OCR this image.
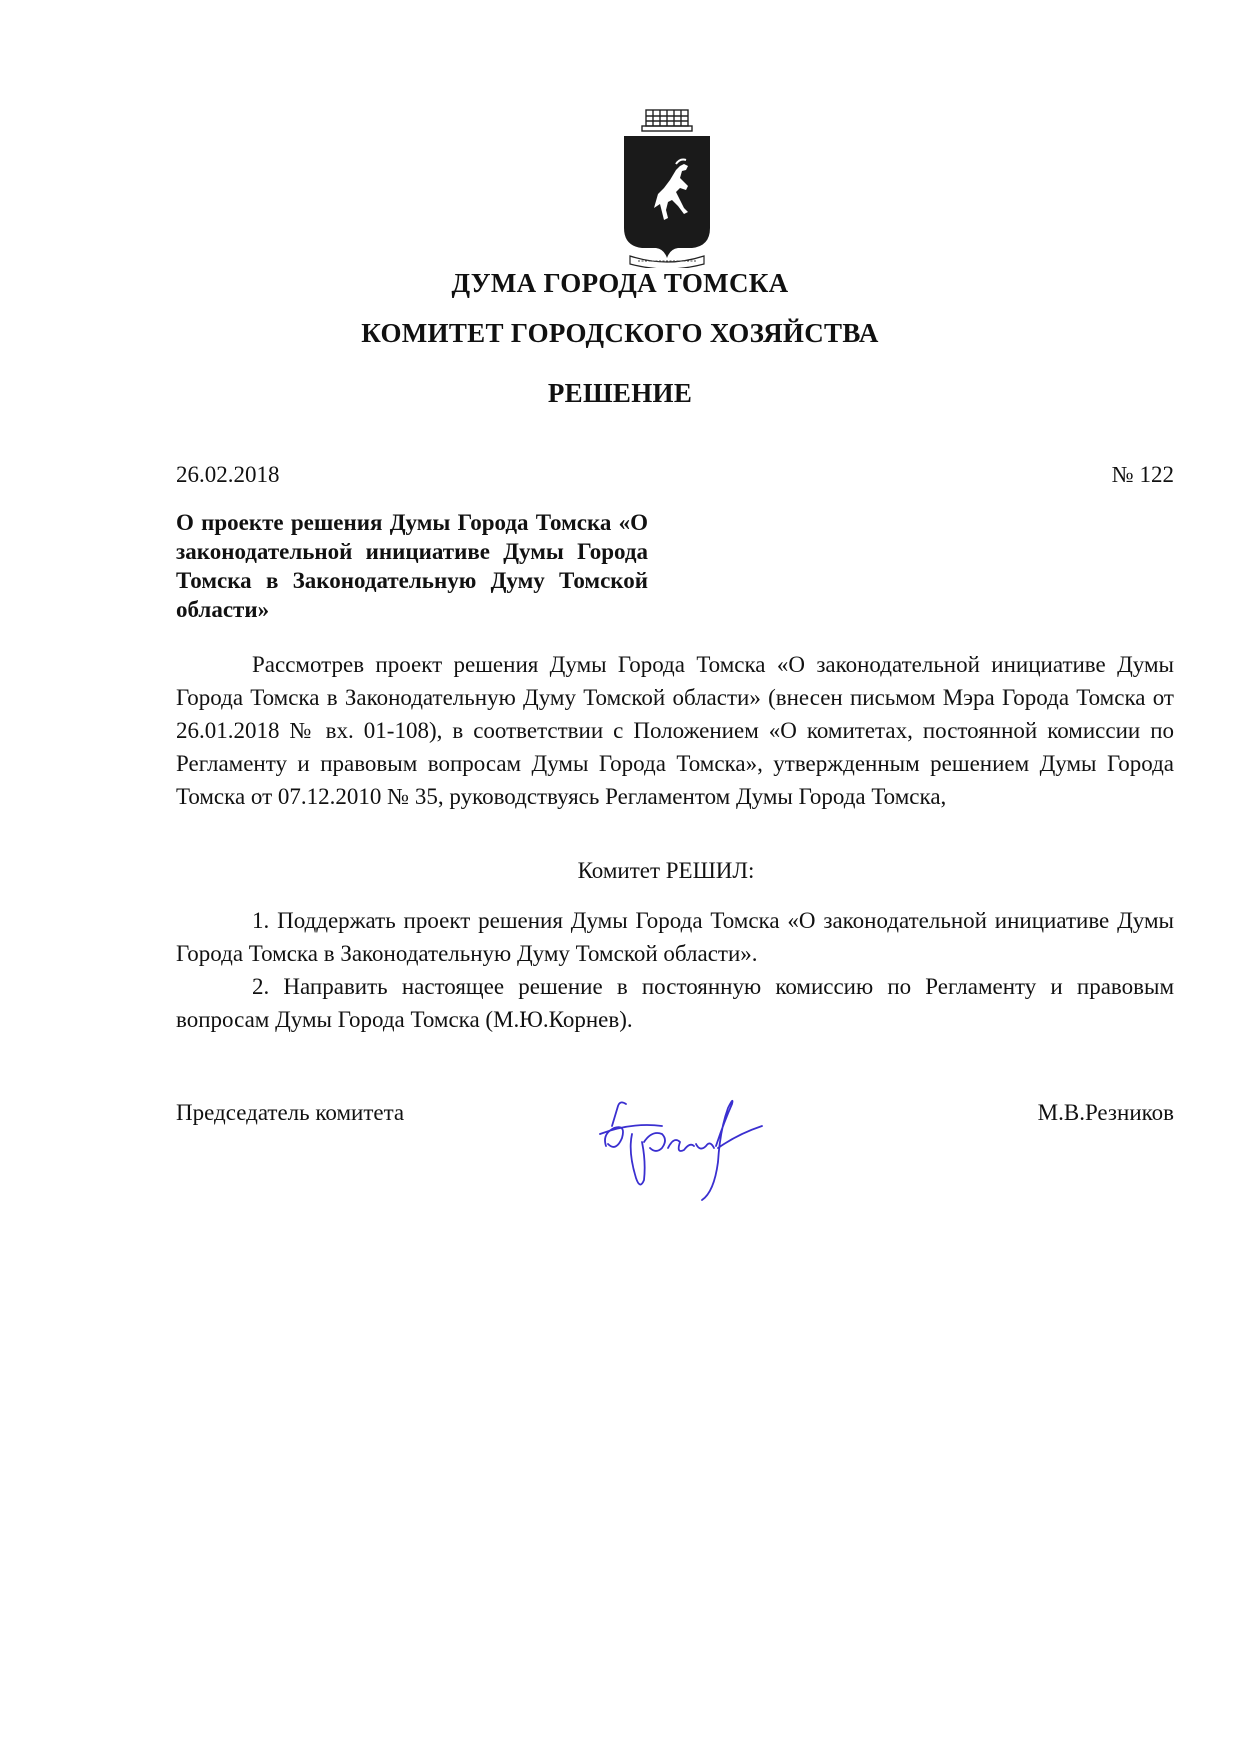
ДУМА ГОРОДА ТОМСКА
КОМИТЕТ ГОРОДСКОГО ХОЗЯЙСТВА
РЕШЕНИЕ
26.02.2018	№ 122
О проекте решения Думы Города Томска «О законодательной инициативе Думы Города Томска в Законодательную Думу Томской области»

Рассмотрев проект решения Думы Города Томска «О законодательной инициативе Думы Города Томска в Законодательную Думу Томской области» (внесен письмом Мэра Города Томска от 26.01.2018 № вх. 01-108), в соответствии с Положением «О комитетах, постоянной комиссии по Регламенту и правовым вопросам Думы Города Томска», утвержденным решением Думы Города Томска от 07.12.2010 № 35, руководствуясь Регламентом Думы Города Томска,

Комитет РЕШИЛ:

1. Поддержать проект решения Думы Города Томска «О законодательной инициативе Думы Города Томска в Законодательную Думу Томской области».

2. Направить настоящее решение в постоянную комиссию по Регламенту и правовым вопросам Думы Города Томска (М.Ю.Корнев).

Председатель комитета	М.В.Резников
